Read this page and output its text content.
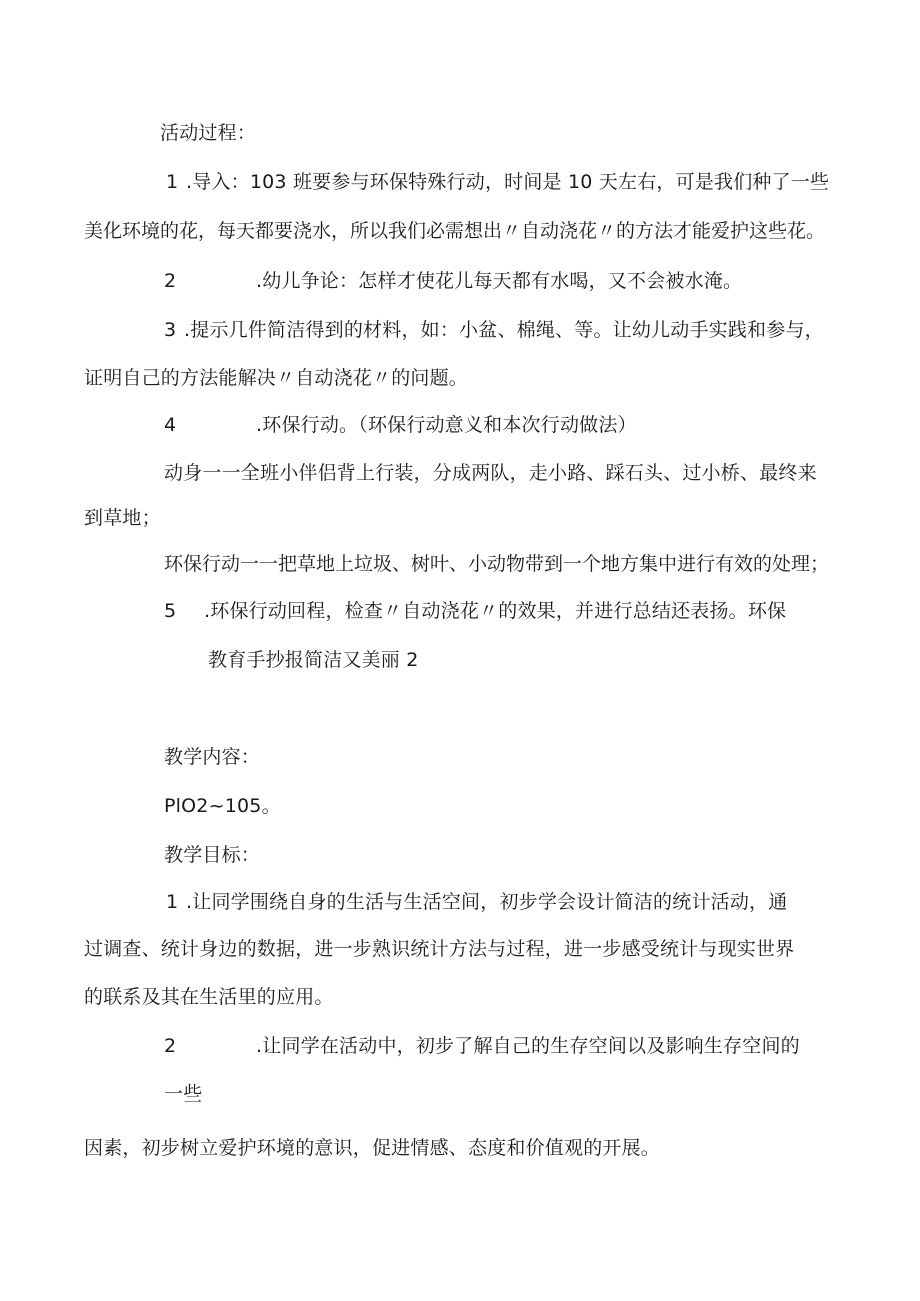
活动过程：
1 .导入：103 班要参与环保特殊行动，时间是 10 天左右，可是我们种了一些
美化环境的花，每天都要浇水，所以我们必需想出〃自动浇花〃的方法才能爱护这些花。
2	.幼儿争论：怎样才使花儿每天都有水喝，又不会被水淹。
3 .提示几件简洁得到的材料，如：小盆、棉绳、等。让幼儿动手实践和参与，
证明自己的方法能解决〃自动浇花〃的问题。
4	.环保行动。（环保行动意义和本次行动做法）
动身一一全班小伴侣背上行装，分成两队，走小路、踩石头、过小桥、最终来
到草地；
环保行动一一把草地上垃圾、树叶、小动物带到一个地方集中进行有效的处理；
5 .环保行动回程，检查〃自动浇花〃的效果，并进行总结还表扬。环保
教育手抄报简洁又美丽 2
教学内容：
PlO2~105。
教学目标：
1 .让同学围绕自身的生活与生活空间，初步学会设计简洁的统计活动，通
过调查、统计身边的数据，进一步熟识统计方法与过程，进一步感受统计与现实世界
的联系及其在生活里的应用。
2	.让同学在活动中，初步了解自己的生存空间以及影响生存空间的
一些
因素，初步树立爱护环境的意识，促进情感、态度和价值观的开展。
